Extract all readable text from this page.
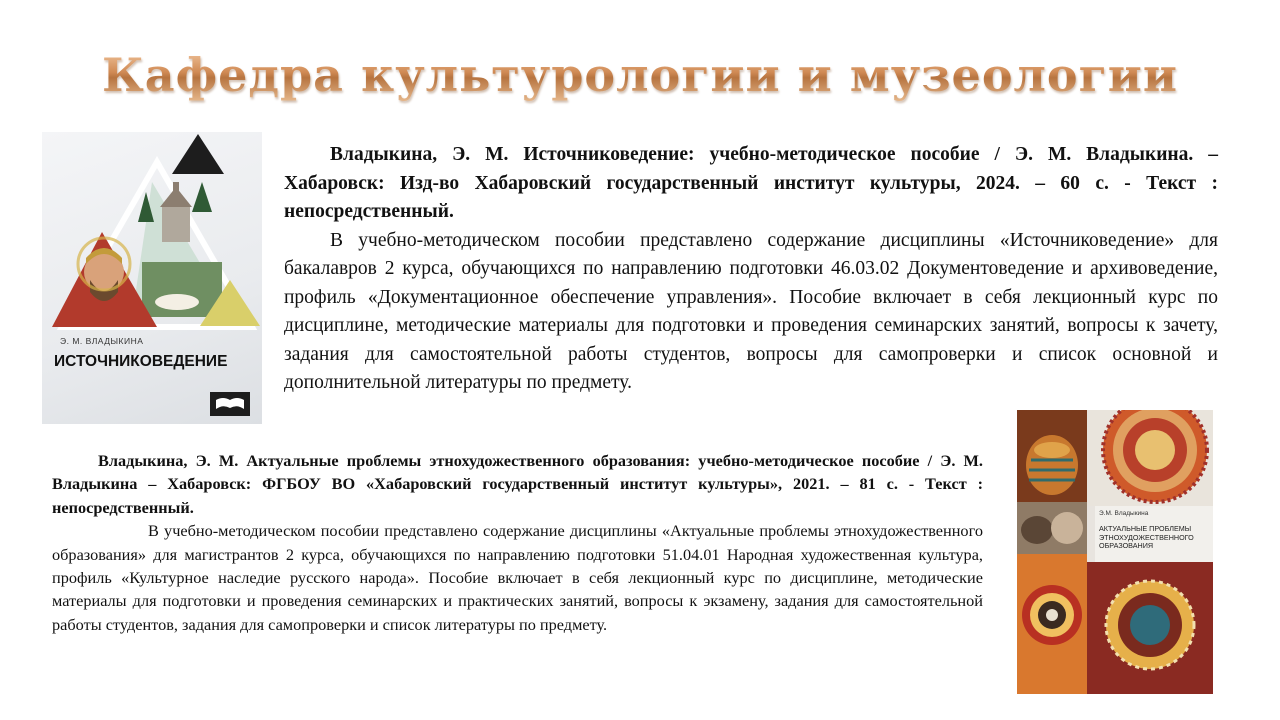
Кафедра культурологии и музеологии
Э. М. ВЛАДЫКИНА
ИСТОЧНИКОВЕДЕНИЕ

Владыкина, Э. М. Источниковедение: учебно-методическое пособие / Э. М. Владыкина. – Хабаровск: Изд-во Хабаровский государственный институт культуры, 2024. – 60 с. - Текст : непосредственный.

В учебно-методическом пособии представлено содержание дисциплины «Источниковедение» для бакалавров 2 курса, обучающихся по направлению подготовки 46.03.02 Документоведение и архивоведение, профиль «Документационное обеспечение управления». Пособие включает в себя лекционный курс по дисциплине, методические материалы для подготовки и проведения семинарских занятий, вопросы к зачету, задания для самостоятельной работы студентов, вопросы для самопроверки и список основной и дополнительной литературы по предмету.

Владыкина, Э. М. Актуальные проблемы этнохудожественного образования: учебно-методическое пособие / Э. М. Владыкина – Хабаровск: ФГБОУ ВО «Хабаровский государственный институт культуры», 2021. – 81 с. - Текст : непосредственный.

В учебно-методическом пособии представлено содержание дисциплины «Актуальные проблемы этнохудожественного образования» для магистрантов 2 курса, обучающихся по направлению подготовки 51.04.01 Народная художественная культура, профиль «Культурное наследие русского народа». Пособие включает в себя лекционный курс по дисциплине, методические материалы для подготовки и проведения семинарских и практических занятий, вопросы к экзамену, задания для самостоятельной работы студентов, задания для самопроверки и список литературы по предмету.

Э.М. Владыкина
АКТУАЛЬНЫЕ ПРОБЛЕМЫ ЭТНОХУДОЖЕСТВЕННОГО ОБРАЗОВАНИЯ
